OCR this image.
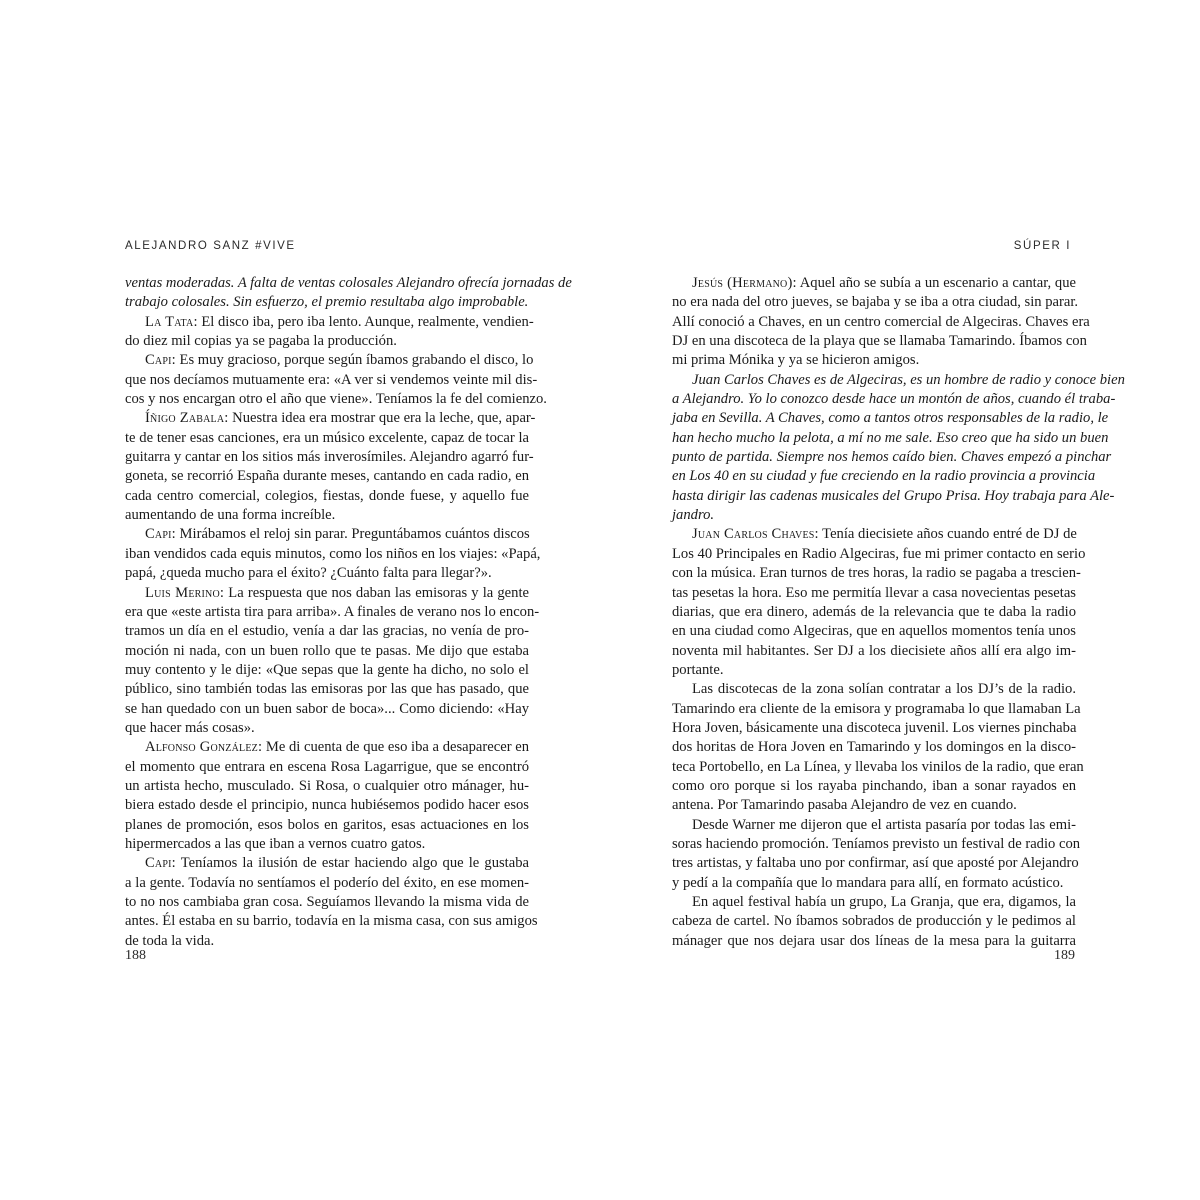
ALEJANDRO SANZ #VIVE
ventas moderadas. A falta de ventas colosales Alejandro ofrecía jornadas de
trabajo colosales. Sin esfuerzo, el premio resultaba algo improbable.
La Tata: El disco iba, pero iba lento. Aunque, realmente, vendien-
do diez mil copias ya se pagaba la producción.
Capi: Es muy gracioso, porque según íbamos grabando el disco, lo
que nos decíamos mutuamente era: «A ver si vendemos veinte mil dis-
cos y nos encargan otro el año que viene». Teníamos la fe del comienzo.
Íñigo Zabala: Nuestra idea era mostrar que era la leche, que, apar-
te de tener esas canciones, era un músico excelente, capaz de tocar la
guitarra y cantar en los sitios más inverosímiles. Alejandro agarró fur-
goneta, se recorrió España durante meses, cantando en cada radio, en
cada centro comercial, colegios, fiestas, donde fuese, y aquello fue
aumentando de una forma increíble.
Capi: Mirábamos el reloj sin parar. Preguntábamos cuántos discos
iban vendidos cada equis minutos, como los niños en los viajes: «Papá,
papá, ¿queda mucho para el éxito? ¿Cuánto falta para llegar?».
Luis Merino: La respuesta que nos daban las emisoras y la gente
era que «este artista tira para arriba». A finales de verano nos lo encon-
tramos un día en el estudio, venía a dar las gracias, no venía de pro-
moción ni nada, con un buen rollo que te pasas. Me dijo que estaba
muy contento y le dije: «Que sepas que la gente ha dicho, no solo el
público, sino también todas las emisoras por las que has pasado, que
se han quedado con un buen sabor de boca»... Como diciendo: «Hay
que hacer más cosas».
Alfonso González: Me di cuenta de que eso iba a desaparecer en
el momento que entrara en escena Rosa Lagarrigue, que se encontró
un artista hecho, musculado. Si Rosa, o cualquier otro mánager, hu-
biera estado desde el principio, nunca hubiésemos podido hacer esos
planes de promoción, esos bolos en garitos, esas actuaciones en los
hipermercados a las que iban a vernos cuatro gatos.
Capi: Teníamos la ilusión de estar haciendo algo que le gustaba
a la gente. Todavía no sentíamos el poderío del éxito, en ese momen-
to no nos cambiaba gran cosa. Seguíamos llevando la misma vida de
antes. Él estaba en su barrio, todavía en la misma casa, con sus amigos
de toda la vida.
188
SÚPER I
Jesús (Hermano): Aquel año se subía a un escenario a cantar, que
no era nada del otro jueves, se bajaba y se iba a otra ciudad, sin parar.
Allí conoció a Chaves, en un centro comercial de Algeciras. Chaves era
DJ en una discoteca de la playa que se llamaba Tamarindo. Íbamos con
mi prima Mónika y ya se hicieron amigos.
Juan Carlos Chaves es de Algeciras, es un hombre de radio y conoce bien
a Alejandro. Yo lo conozco desde hace un montón de años, cuando él traba-
jaba en Sevilla. A Chaves, como a tantos otros responsables de la radio, le
han hecho mucho la pelota, a mí no me sale. Eso creo que ha sido un buen
punto de partida. Siempre nos hemos caído bien. Chaves empezó a pinchar
en Los 40 en su ciudad y fue creciendo en la radio provincia a provincia
hasta dirigir las cadenas musicales del Grupo Prisa. Hoy trabaja para Ale-
jandro.
Juan Carlos Chaves: Tenía diecisiete años cuando entré de DJ de
Los 40 Principales en Radio Algeciras, fue mi primer contacto en serio
con la música. Eran turnos de tres horas, la radio se pagaba a trescien-
tas pesetas la hora. Eso me permitía llevar a casa novecientas pesetas
diarias, que era dinero, además de la relevancia que te daba la radio
en una ciudad como Algeciras, que en aquellos momentos tenía unos
noventa mil habitantes. Ser DJ a los diecisiete años allí era algo im-
portante.
Las discotecas de la zona solían contratar a los DJ’s de la radio.
Tamarindo era cliente de la emisora y programaba lo que llamaban La
Hora Joven, básicamente una discoteca juvenil. Los viernes pinchaba
dos horitas de Hora Joven en Tamarindo y los domingos en la disco-
teca Portobello, en La Línea, y llevaba los vinilos de la radio, que eran
como oro porque si los rayaba pinchando, iban a sonar rayados en
antena. Por Tamarindo pasaba Alejandro de vez en cuando.
Desde Warner me dijeron que el artista pasaría por todas las emi-
soras haciendo promoción. Teníamos previsto un festival de radio con
tres artistas, y faltaba uno por confirmar, así que aposté por Alejandro
y pedí a la compañía que lo mandara para allí, en formato acústico.
En aquel festival había un grupo, La Granja, que era, digamos, la
cabeza de cartel. No íbamos sobrados de producción y le pedimos al
mánager que nos dejara usar dos líneas de la mesa para la guitarra
189
